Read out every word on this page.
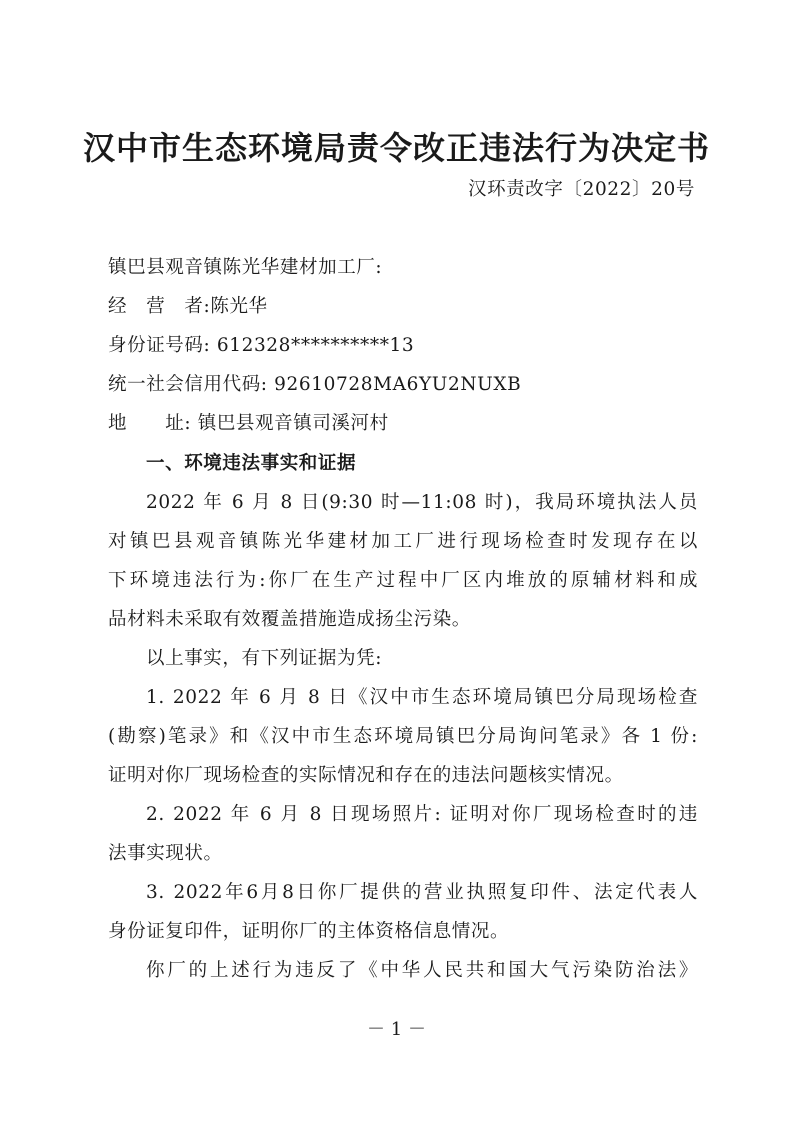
汉中市生态环境局责令改正违法行为决定书
汉环责改字〔2022〕20号
镇巴县观音镇陈光华建材加工厂:
经　营　者:陈光华
身份证号码: 612328**********13
统一社会信用代码: 92610728MA6YU2NUXB
地　　址: 镇巴县观音镇司溪河村
一、环境违法事实和证据
2022 年 6 月 8 日(9:30 时—11:08 时)，我局环境执法人员
对镇巴县观音镇陈光华建材加工厂进行现场检查时发现存在以
下环境违法行为:你厂在生产过程中厂区内堆放的原辅材料和成
品材料未采取有效覆盖措施造成扬尘污染。
以上事实，有下列证据为凭:
1. 2022 年 6 月 8 日《汉中市生态环境局镇巴分局现场检查
(勘察)笔录》和《汉中市生态环境局镇巴分局询问笔录》各 1 份:
证明对你厂现场检查的实际情况和存在的违法问题核实情况。
2. 2022 年 6 月 8 日现场照片: 证明对你厂现场检查时的违
法事实现状。
3. 2022年6月8日你厂提供的营业执照复印件、法定代表人
身份证复印件，证明你厂的主体资格信息情况。
你厂的上述行为违反了《中华人民共和国大气污染防治法》
－ 1 －
